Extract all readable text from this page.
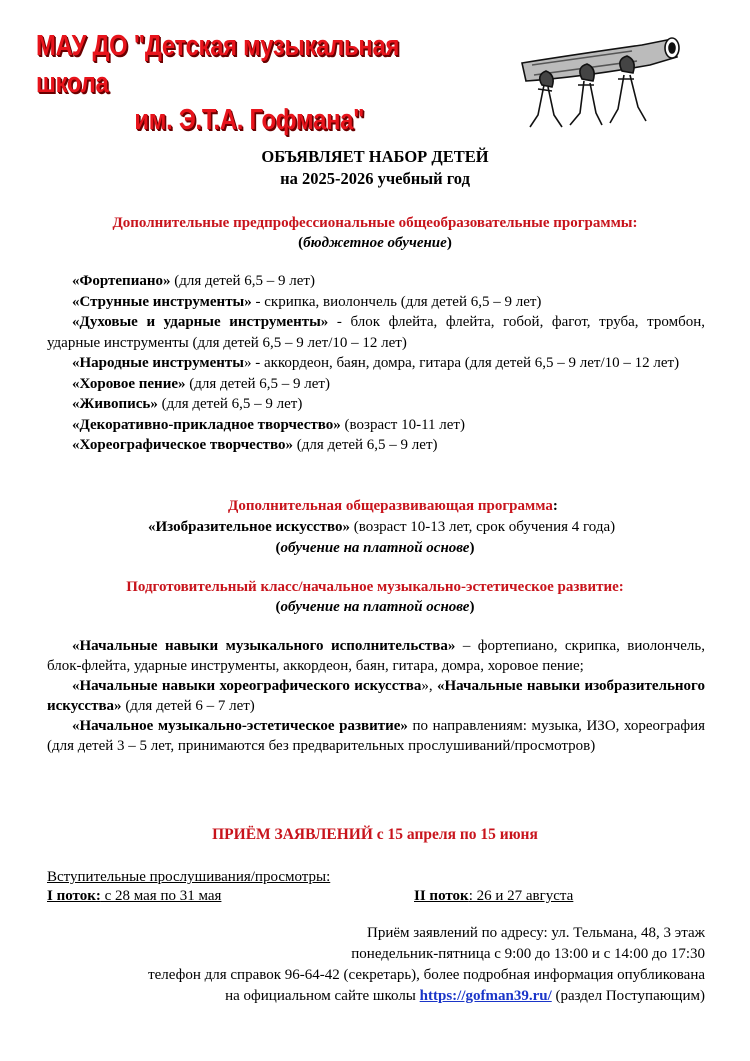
МАУ ДО "Детская музыкальная школа
им. Э.Т.А. Гофмана"
ОБЪЯВЛЯЕТ НАБОР ДЕТЕЙ
на 2025-2026 учебный год
Дополнительные предпрофессиональные общеобразовательные программы:
(бюджетное обучение)
«Фортепиано» (для детей 6,5 – 9 лет)
«Струнные инструменты» - скрипка, виолончель (для детей 6,5 – 9 лет)
«Духовые и ударные инструменты» - блок флейта, флейта, гобой, фагот, труба, тромбон, ударные инструменты (для детей 6,5 – 9 лет/10 – 12 лет)
«Народные инструменты» - аккордеон, баян, домра, гитара (для детей 6,5 – 9 лет/10 – 12 лет)
«Хоровое пение» (для детей 6,5 – 9 лет)
«Живопись» (для детей 6,5 – 9 лет)
«Декоративно-прикладное творчество» (возраст 10-11 лет)
«Хореографическое творчество» (для детей 6,5 – 9 лет)
Дополнительная общеразвивающая программа:
«Изобразительное искусство» (возраст 10-13 лет, срок обучения 4 года)
(обучение на платной основе)
Подготовительный класс/начальное музыкально-эстетическое развитие:
(обучение на платной основе)
«Начальные навыки музыкального исполнительства» – фортепиано, скрипка, виолончель, блок-флейта, ударные инструменты, аккордеон, баян, гитара, домра, хоровое пение;
«Начальные навыки хореографического искусства», «Начальные навыки изобразительного искусства» (для детей 6 – 7 лет)
«Начальное музыкально-эстетическое развитие» по направлениям: музыка, ИЗО, хореография (для детей 3 – 5 лет, принимаются без предварительных прослушиваний/просмотров)
ПРИЁМ ЗАЯВЛЕНИЙ с 15 апреля по 15 июня
Вступительные прослушивания/просмотры:
I поток: с 28 мая по 31 мая	II поток: 26 и 27 августа
Приём заявлений по адресу: ул. Тельмана, 48, 3 этаж
понедельник-пятница с 9:00 до 13:00 и с 14:00 до 17:30
телефон для справок 96-64-42 (секретарь), более подробная информация опубликована
на официальном сайте школы https://gofman39.ru/ (раздел Поступающим)
